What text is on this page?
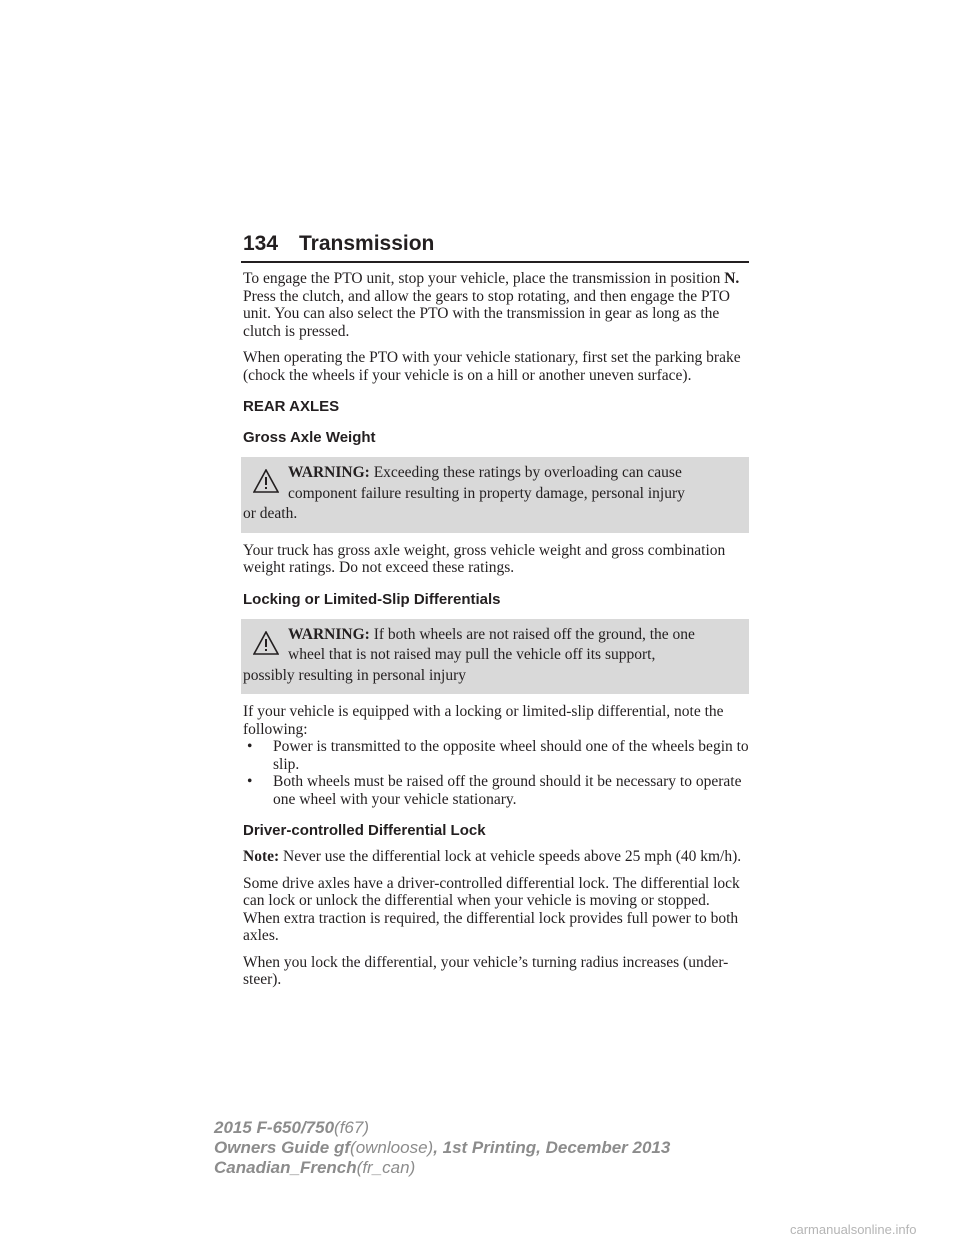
134 Transmission

To engage the PTO unit, stop your vehicle, place the transmission in position N. Press the clutch, and allow the gears to stop rotating, and then engage the PTO unit. You can also select the PTO with the transmission in gear as long as the clutch is pressed.

When operating the PTO with your vehicle stationary, first set the parking brake (chock the wheels if your vehicle is on a hill or another uneven surface).

REAR AXLES
Gross Axle Weight
WARNING: Exceeding these ratings by overloading can cause
component failure resulting in property damage, personal injury
or death.

Your truck has gross axle weight, gross vehicle weight and gross combination weight ratings. Do not exceed these ratings.

Locking or Limited-Slip Differentials
WARNING: If both wheels are not raised off the ground, the one
wheel that is not raised may pull the vehicle off its support,
possibly resulting in personal injury

If your vehicle is equipped with a locking or limited-slip differential, note the following:

• Power is transmitted to the opposite wheel should one of the wheels begin to slip.
• Both wheels must be raised off the ground should it be necessary to operate one wheel with your vehicle stationary.
Driver-controlled Differential Lock

Note: Never use the differential lock at vehicle speeds above 25 mph (40 km/h).

Some drive axles have a driver-controlled differential lock. The differential lock can lock or unlock the differential when your vehicle is moving or stopped. When extra traction is required, the differential lock provides full power to both axles.

When you lock the differential, your vehicle’s turning radius increases (under-steer).

2015 F-650/750(f67)
Owners Guide gf(ownloose), 1st Printing, December 2013
Canadian_French(fr_can)
carmanualsonline.info
